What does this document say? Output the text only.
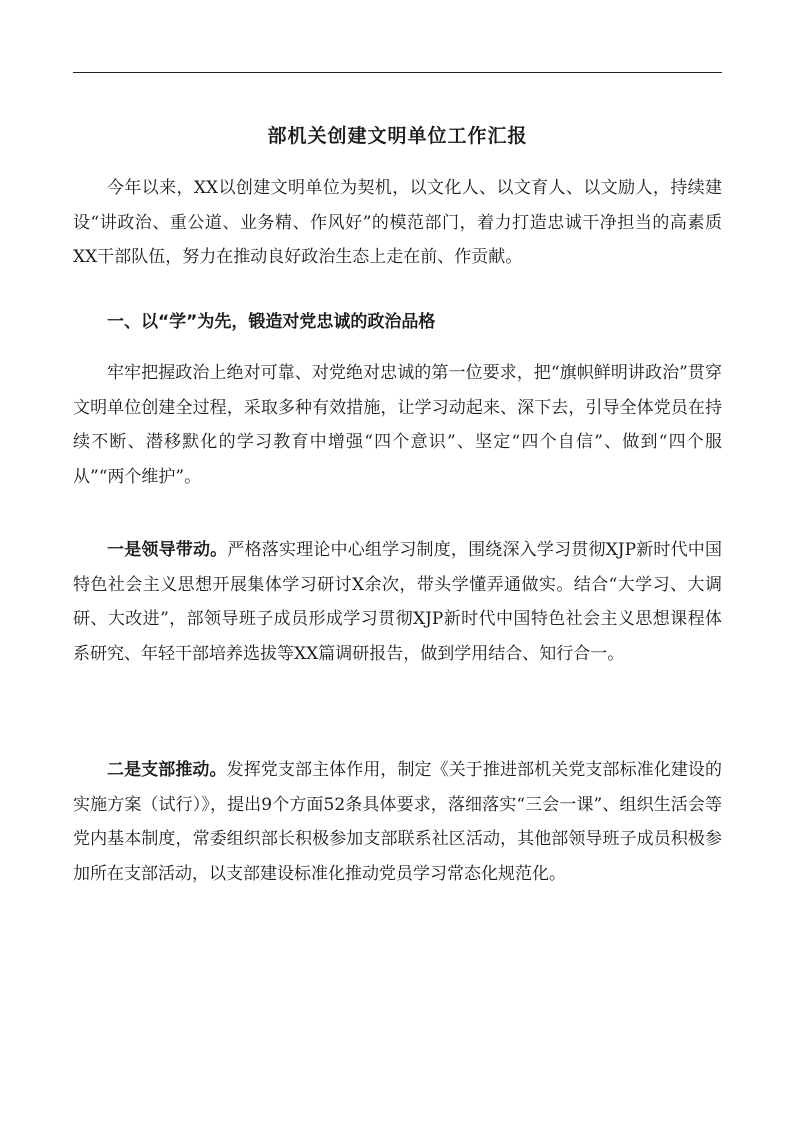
部机关创建文明单位工作汇报

今年以来，XX以创建文明单位为契机，以文化人、以文育人、以文励人，持续建设“讲政治、重公道、业务精、作风好”的模范部门，着力打造忠诚干净担当的高素质XX干部队伍，努力在推动良好政治生态上走在前、作贡献。

一、以“学”为先，锻造对党忠诚的政治品格

牢牢把握政治上绝对可靠、对党绝对忠诚的第一位要求，把“旗帜鲜明讲政治”贯穿文明单位创建全过程，采取多种有效措施，让学习动起来、深下去，引导全体党员在持续不断、潜移默化的学习教育中增强“四个意识”、坚定“四个自信”、做到“四个服从”“两个维护”。

一是领导带动。严格落实理论中心组学习制度，围绕深入学习贯彻XJP新时代中国特色社会主义思想开展集体学习研讨X余次，带头学懂弄通做实。结合“大学习、大调研、大改进”，部领导班子成员形成学习贯彻XJP新时代中国特色社会主义思想课程体系研究、年轻干部培养选拔等XX篇调研报告，做到学用结合、知行合一。

二是支部推动。发挥党支部主体作用，制定《关于推进部机关党支部标准化建设的实施方案（试行）》，提出9个方面52条具体要求，落细落实“三会一课”、组织生活会等党内基本制度，常委组织部长积极参加支部联系社区活动，其他部领导班子成员积极参加所在支部活动，以支部建设标准化推动党员学习常态化规范化。
